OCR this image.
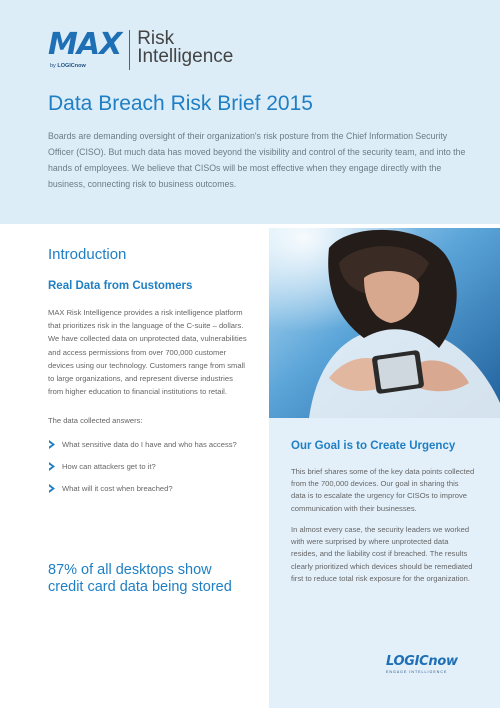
MAX
by LOGICnow
Risk
Intelligence
Data Breach Risk Brief 2015
Boards are demanding oversight of their organization's risk posture from the Chief Information Security Officer (CISO). But much data has moved beyond the visibility and control of the security team, and into the hands of employees. We believe that CISOs will be most effective when they engage directly with the business, connecting risk to business outcomes.
Introduction
Real Data from Customers
MAX Risk Intelligence provides a risk intelligence platform that prioritizes risk in the language of the C-suite – dollars. We have collected data on unprotected data, vulnerabilities and access permissions from over 700,000 customer devices using our technology. Customers range from small to large organizations, and represent diverse industries from higher education to financial institutions to retail.
The data collected answers:
What sensitive data do I have and who has access?
How can attackers get to it?
What will it cost when breached?
87% of all desktops show credit card data being stored
Our Goal is to Create Urgency
This brief shares some of the key data points collected from the 700,000 devices. Our goal in sharing this data is to escalate the urgency for CISOs to improve communication with their businesses.
In almost every case, the security leaders we worked with were surprised by where unprotected data resides, and the liability cost if breached. The results clearly prioritized which devices should be remediated first to reduce total risk exposure for the organization.
LOGICnow
ENGAGE INTELLIGENCE
